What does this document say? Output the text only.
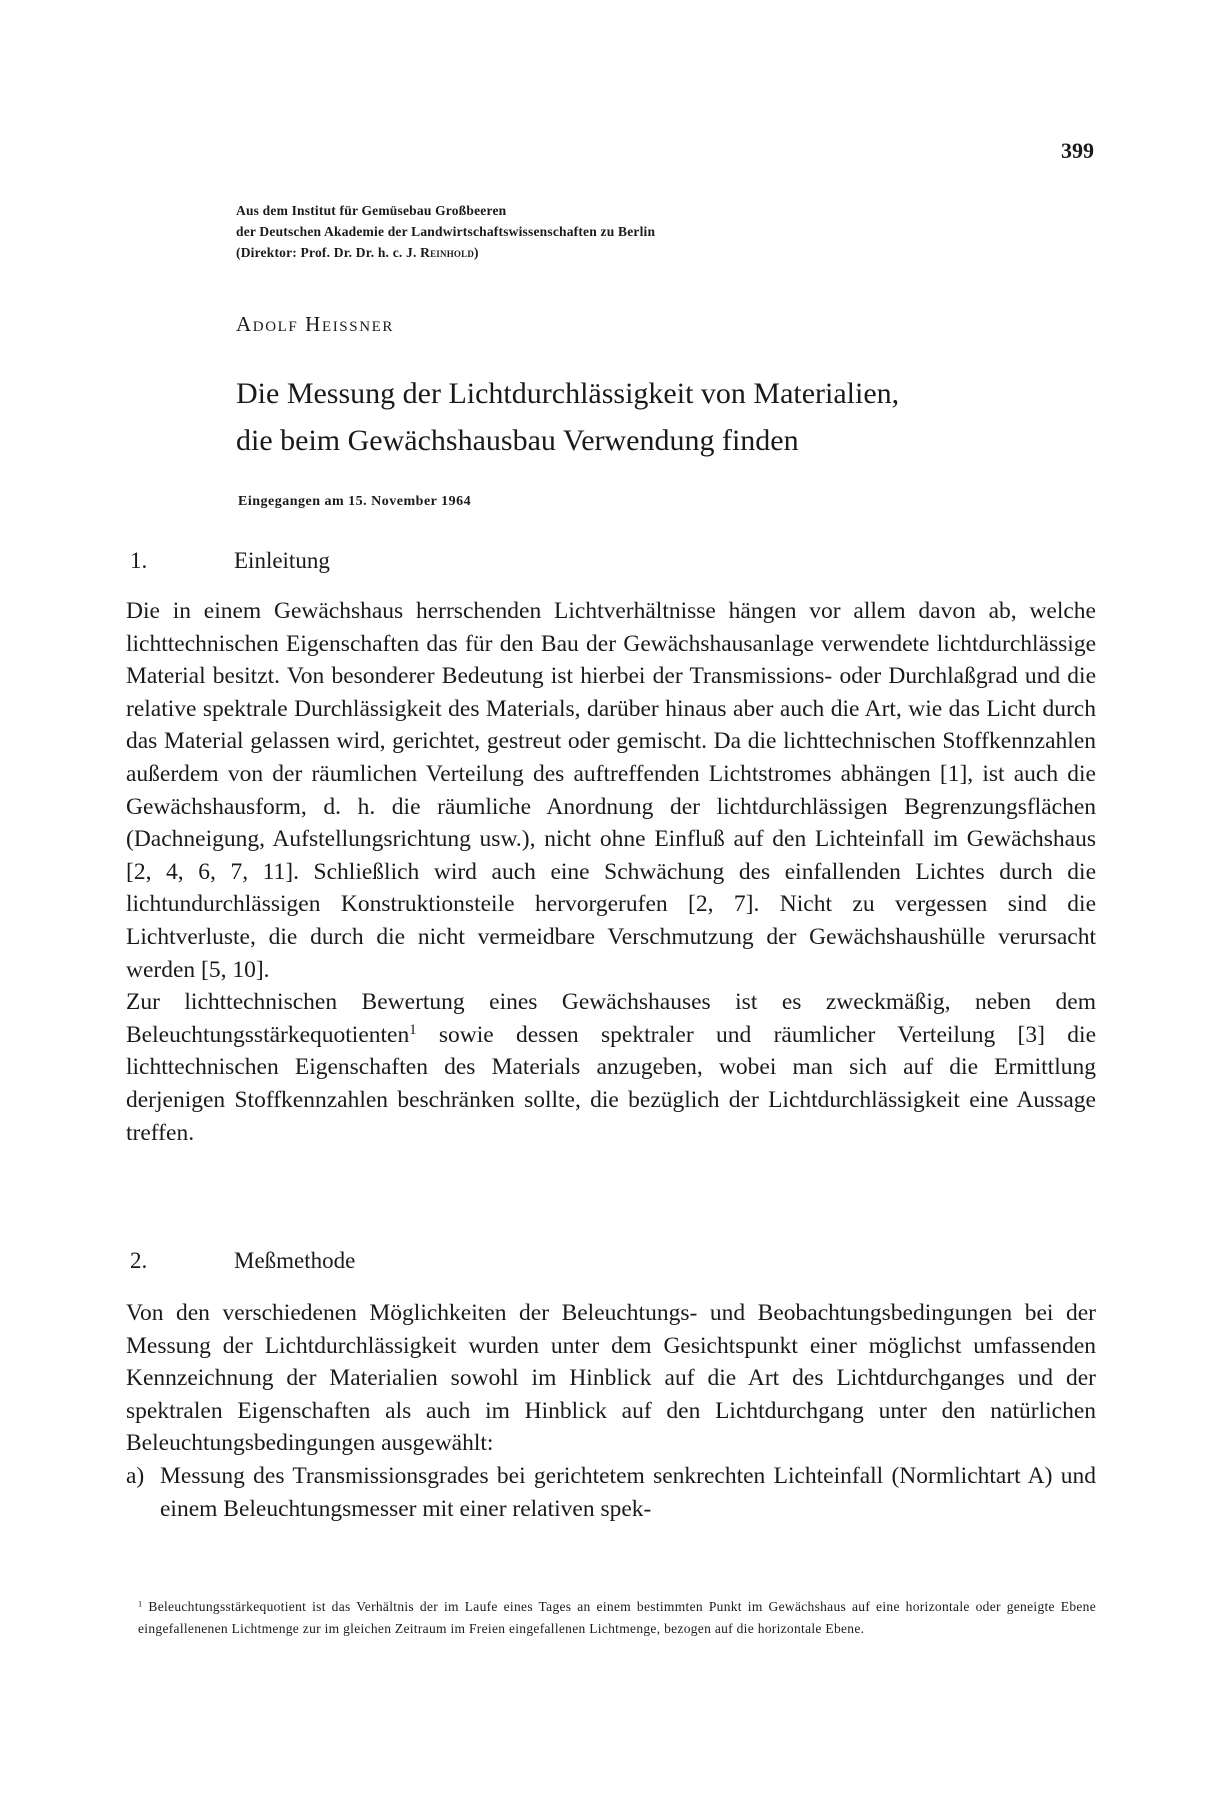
399
Aus dem Institut für Gemüsebau Großbeeren
der Deutschen Akademie der Landwirtschaftswissenschaften zu Berlin
(Direktor: Prof. Dr. Dr. h. c. J. Reinhold)
Adolf Heissner
Die Messung der Lichtdurchlässigkeit von Materialien,
die beim Gewächshausbau Verwendung finden
Eingegangen am 15. November 1964
1.	Einleitung

Die in einem Gewächshaus herrschenden Lichtverhältnisse hängen vor allem davon ab, welche lichttechnischen Eigenschaften das für den Bau der Gewächshausanlage verwendete lichtdurchlässige Material besitzt. Von besonderer Bedeutung ist hierbei der Transmissions- oder Durchlaßgrad und die relative spektrale Durchlässigkeit des Materials, darüber hinaus aber auch die Art, wie das Licht durch das Material gelassen wird, gerichtet, gestreut oder gemischt. Da die lichttechnischen Stoffkennzahlen außerdem von der räumlichen Verteilung des auftreffenden Lichtstromes abhängen [1], ist auch die Gewächshausform, d. h. die räumliche Anordnung der lichtdurchlässigen Begrenzungsflächen (Dachneigung, Aufstellungsrichtung usw.), nicht ohne Einfluß auf den Lichteinfall im Gewächshaus [2, 4, 6, 7, 11]. Schließlich wird auch eine Schwächung des einfallenden Lichtes durch die lichtundurchlässigen Konstruktionsteile hervorgerufen [2, 7]. Nicht zu vergessen sind die Lichtverluste, die durch die nicht vermeidbare Verschmutzung der Gewächshaushülle verursacht werden [5, 10].

Zur lichttechnischen Bewertung eines Gewächshauses ist es zweckmäßig, neben dem Beleuchtungsstärkequotienten$^1$ sowie dessen spektraler und räumlicher Verteilung [3] die lichttechnischen Eigenschaften des Materials anzugeben, wobei man sich auf die Ermittlung derjenigen Stoffkennzahlen beschränken sollte, die bezüglich der Lichtdurchlässigkeit eine Aussage treffen.

2.	Meßmethode

Von den verschiedenen Möglichkeiten der Beleuchtungs- und Beobachtungsbedingungen bei der Messung der Lichtdurchlässigkeit wurden unter dem Gesichtspunkt einer möglichst umfassenden Kennzeichnung der Materialien sowohl im Hinblick auf die Art des Lichtdurchganges und der spektralen Eigenschaften als auch im Hinblick auf den Lichtdurchgang unter den natürlichen Beleuchtungsbedingungen ausgewählt:

a) Messung des Transmissionsgrades bei gerichtetem senkrechten Lichteinfall (Normlichtart A) und einem Beleuchtungsmesser mit einer relativen spek-

$^1$ Beleuchtungsstärkequotient ist das Verhältnis der im Laufe eines Tages an einem bestimmten Punkt im Gewächshaus auf eine horizontale oder geneigte Ebene eingefallenenen Lichtmenge zur im gleichen Zeitraum im Freien eingefallenen Lichtmenge, bezogen auf die horizontale Ebene.
